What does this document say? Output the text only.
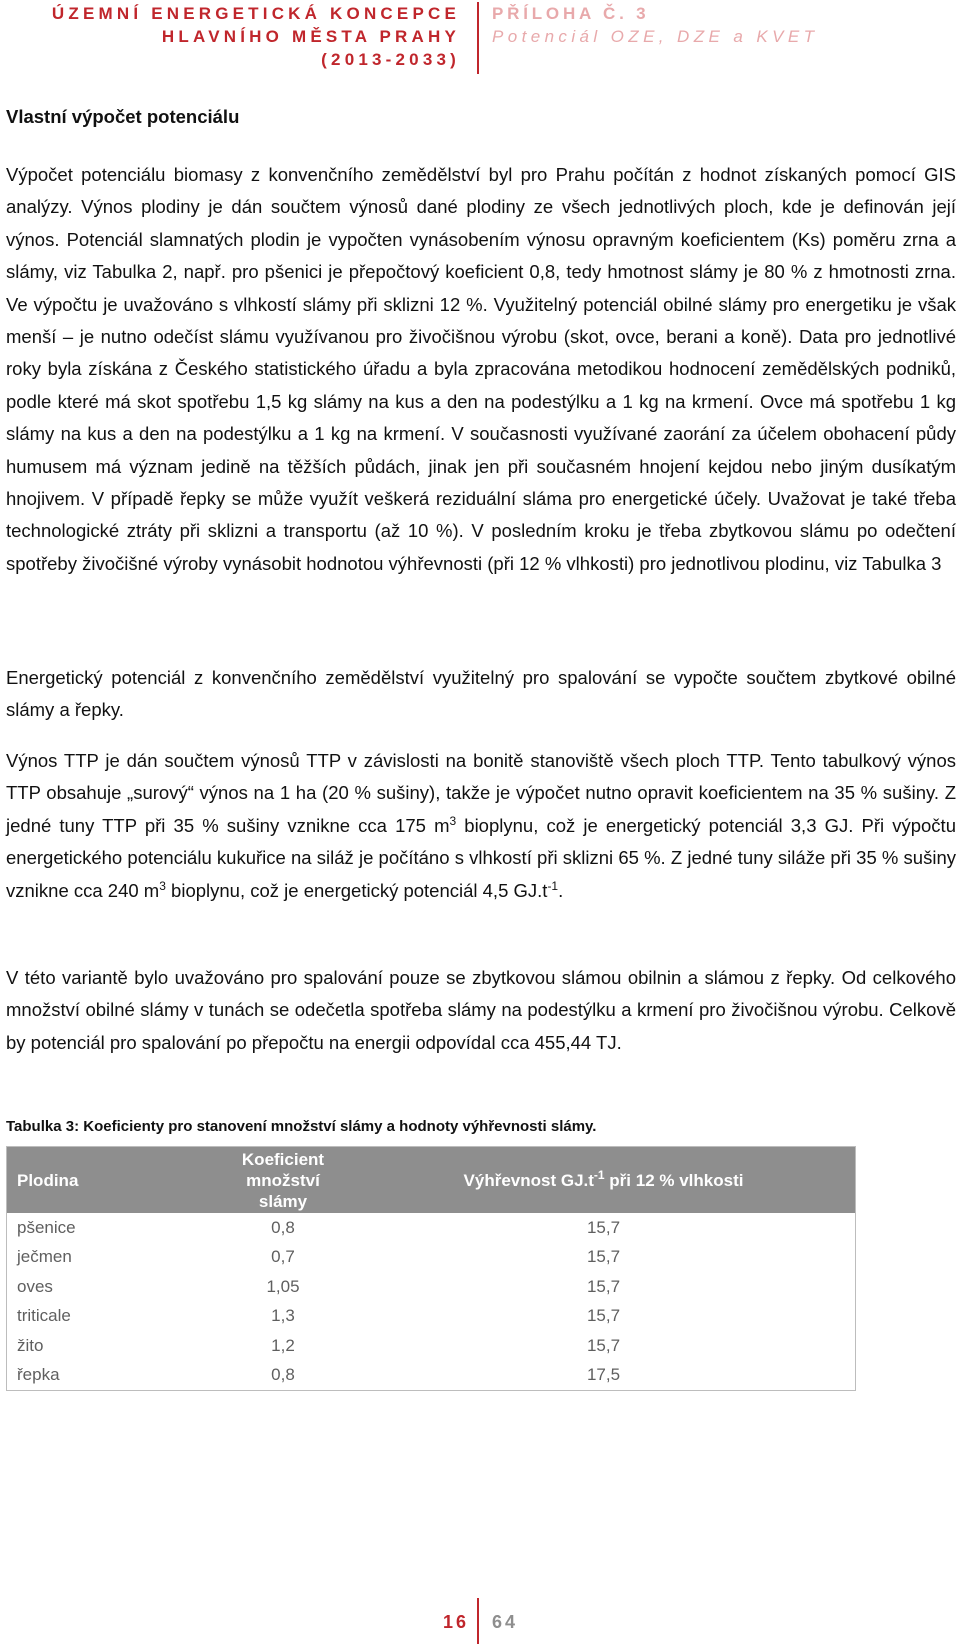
ÚZEMNÍ ENERGETICKÁ KONCEPCE
HLAVNÍHO MĚSTA PRAHY
(2013-2033)
PŘÍLOHA Č. 3
Potenciál OZE, DZE a KVET
Vlastní výpočet potenciálu
Výpočet potenciálu biomasy z konvenčního zemědělství byl pro Prahu počítán z hodnot získaných pomocí GIS analýzy. Výnos plodiny je dán součtem výnosů dané plodiny ze všech jednotlivých ploch, kde je definován její výnos. Potenciál slamnatých plodin je vypočten vynásobením výnosu opravným koeficientem (Ks) poměru zrna a slámy, viz Tabulka 2, např. pro pšenici je přepočtový koeficient 0,8, tedy hmotnost slámy je 80 % z hmotnosti zrna. Ve výpočtu je uvažováno s vlhkostí slámy při sklizni 12 %. Využitelný potenciál obilné slámy pro energetiku je však menší – je nutno odečíst slámu využívanou pro živočišnou výrobu (skot, ovce, berani a koně). Data pro jednotlivé roky byla získána z Českého statistického úřadu a byla zpracována metodikou hodnocení zemědělských podniků, podle které má skot spotřebu 1,5 kg slámy na kus a den na podestýlku a 1 kg na krmení. Ovce má spotřebu 1 kg slámy na kus a den na podestýlku a 1 kg na krmení. V současnosti využívané zaorání za účelem obohacení půdy humusem má význam jedině na těžších půdách, jinak jen při současném hnojení kejdou nebo jiným dusíkatým hnojivem. V případě řepky se může využít veškerá reziduální sláma pro energetické účely. Uvažovat je také třeba technologické ztráty při sklizni a transportu (až 10 %). V posledním kroku je třeba zbytkovou slámu po odečtení spotřeby živočišné výroby vynásobit hodnotou výhřevnosti (při 12 % vlhkosti) pro jednotlivou plodinu, viz Tabulka 3
Energetický potenciál z konvenčního zemědělství využitelný pro spalování se vypočte součtem zbytkové obilné slámy a řepky.
Výnos TTP je dán součtem výnosů TTP v závislosti na bonitě stanoviště všech ploch TTP. Tento tabulkový výnos TTP obsahuje „surový“ výnos na 1 ha (20 % sušiny), takže je výpočet nutno opravit koeficientem na 35 % sušiny. Z jedné tuny TTP při 35 % sušiny vznikne cca 175 $m^3$ bioplynu, což je energetický potenciál 3,3 GJ. Při výpočtu energetického potenciálu kukuřice na siláž je počítáno s vlhkostí při sklizni 65 %. Z jedné tuny siláže při 35 % sušiny vznikne cca 240 $m^3$ bioplynu, což je energetický potenciál 4,5 $GJ.t^{-1}$.
V této variantě bylo uvažováno pro spalování pouze se zbytkovou slámou obilnin a slámou z řepky. Od celkového množství obilné slámy v tunách se odečetla spotřeba slámy na podestýlku a krmení pro živočišnou výrobu. Celkově by potenciál pro spalování po přepočtu na energii odpovídal cca 455,44 TJ.
Tabulka 3: Koeficienty pro stanovení množství slámy a hodnoty výhřevnosti slámy.
Plodina	Koeficient
množství
slámy	Výhřevnost $GJ.t^{-1}$ při 12 % vlhkosti
pšenice	0,8	15,7
ječmen	0,7	15,7
oves	1,05	15,7
triticale	1,3	15,7
žito	1,2	15,7
řepka	0,8	17,5
16 64
